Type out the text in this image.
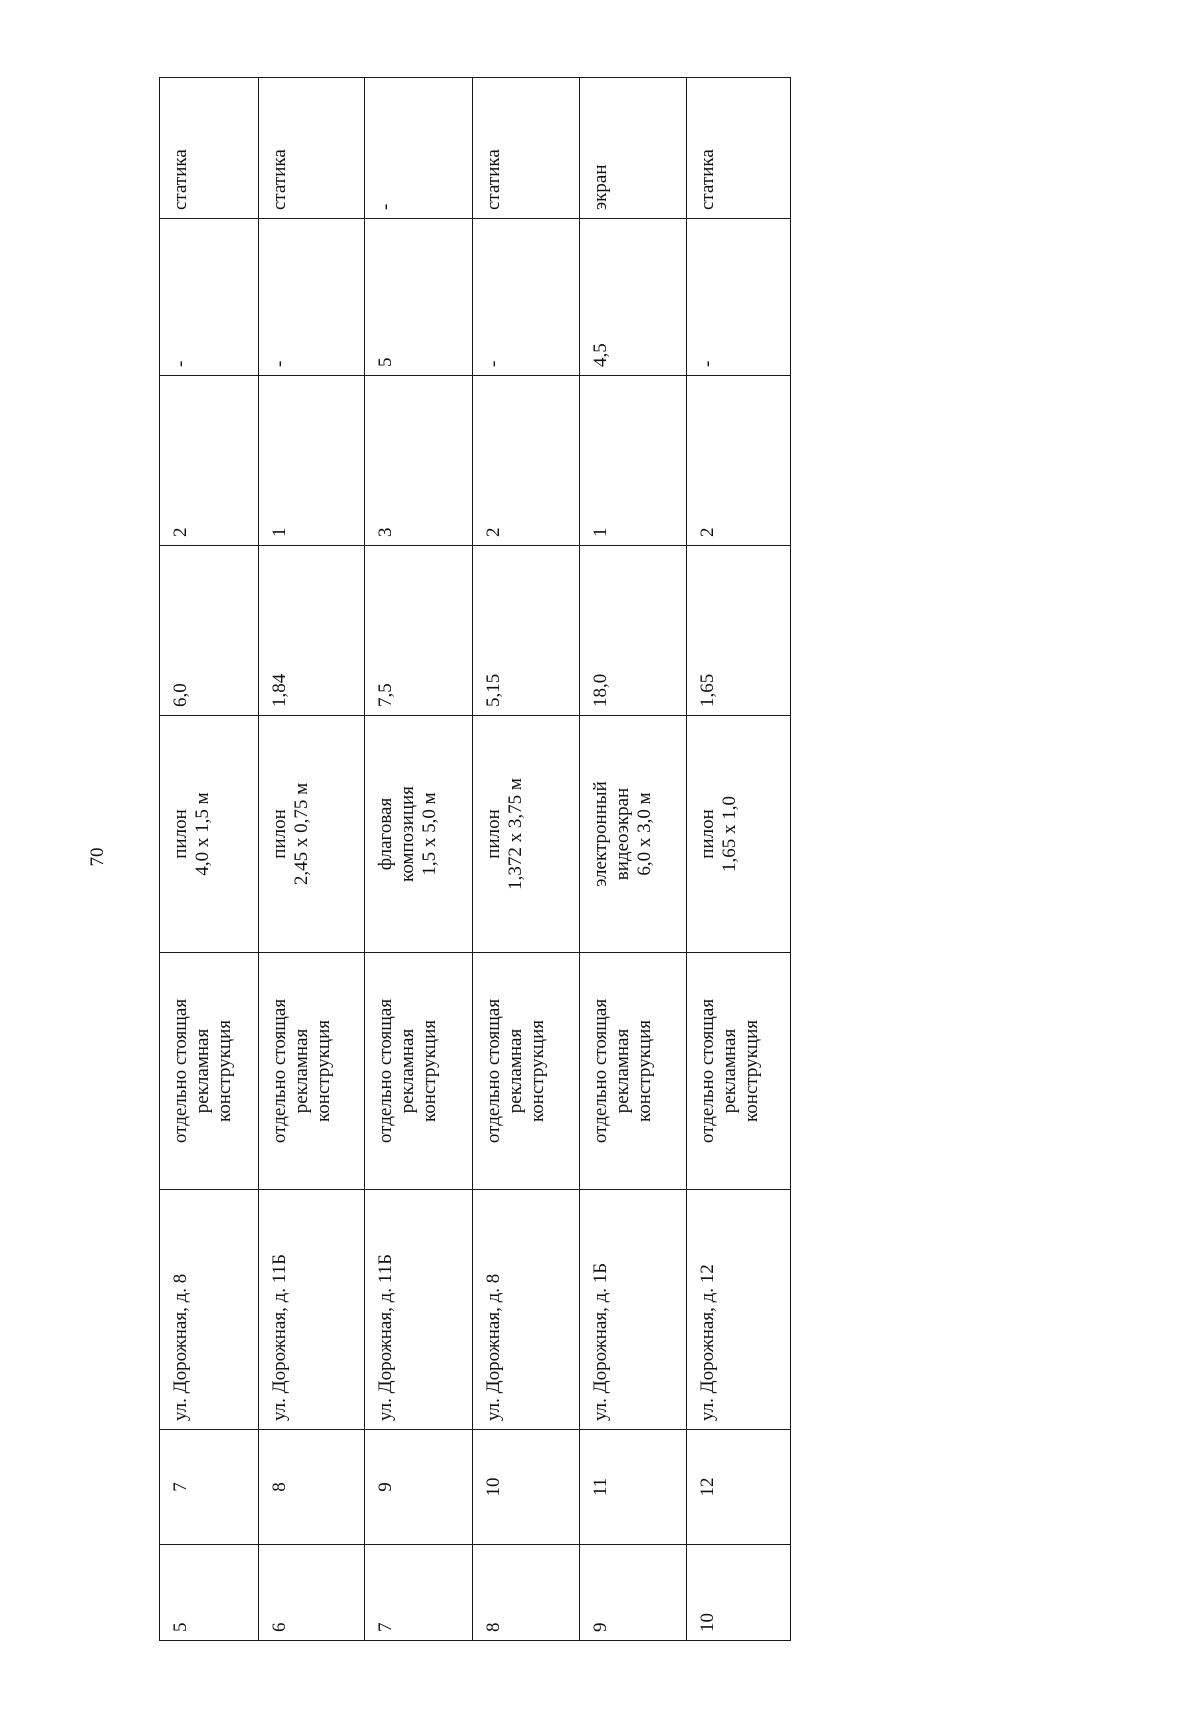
70
5	7	ул. Дорожная, д. 8	отдельно стоящая
рекламная
конструкция	пилон
4,0 х 1,5 м	6,0	2	-	статика
6	8	ул. Дорожная, д. 11Б	отдельно стоящая
рекламная
конструкция	пилон
2,45 х 0,75 м	1,84	1	-	статика
7	9	ул. Дорожная, д. 11Б	отдельно стоящая
рекламная
конструкция	флаговая
композиция
1,5 х 5,0 м	7,5	3	5	-
8	10	ул. Дорожная, д. 8	отдельно стоящая
рекламная
конструкция	пилон
1,372 х 3,75 м	5,15	2	-	статика
9	11	ул. Дорожная, д. 1Б	отдельно стоящая
рекламная
конструкция	электронный
видеоэкран
6,0 х 3,0 м	18,0	1	4,5	экран
10	12	ул. Дорожная, д. 12	отдельно стоящая
рекламная
конструкция	пилон
1,65 х 1,0	1,65	2	-	статика
